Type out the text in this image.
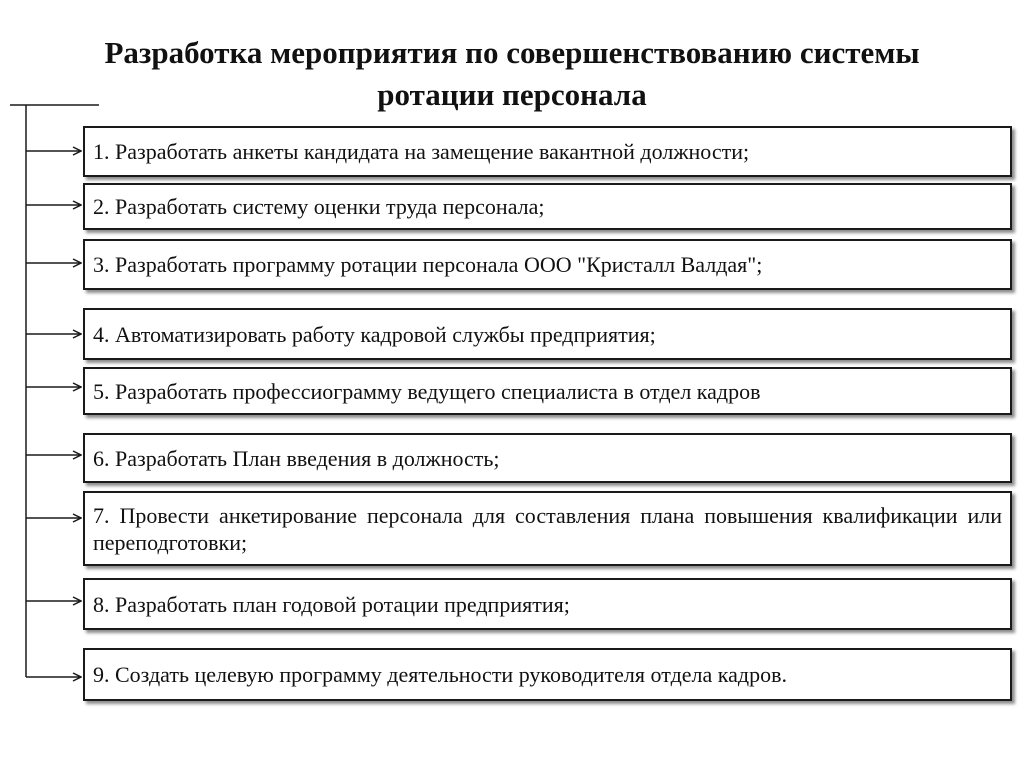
Разработка мероприятия по совершенствованию системы
ротации персонала
1. Разработать анкеты кандидата на замещение вакантной должности;
2. Разработать систему оценки труда персонала;
3. Разработать программу ротации персонала ООО "Кристалл Валдая";
4. Автоматизировать работу кадровой службы предприятия;
5. Разработать профессиограмму ведущего специалиста в отдел кадров
6. Разработать План введения в должность;
7. Провести анкетирование персонала для составления плана повышения квалификации или переподготовки;
8. Разработать план годовой ротации предприятия;
9. Создать целевую программу деятельности руководителя отдела кадров.
